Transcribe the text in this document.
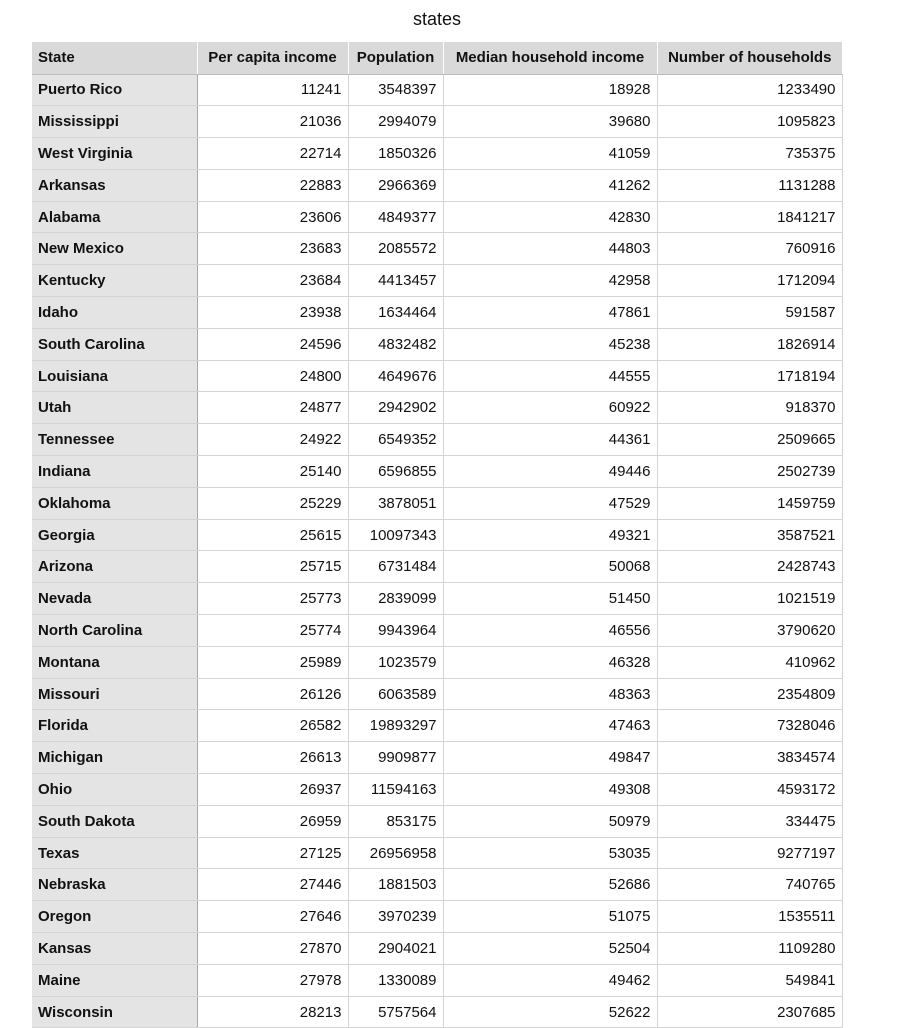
states
State	Per capita income	Population	Median household income	Number of households
Puerto Rico	11241	3548397	18928	1233490
Mississippi	21036	2994079	39680	1095823
West Virginia	22714	1850326	41059	735375
Arkansas	22883	2966369	41262	1131288
Alabama	23606	4849377	42830	1841217
New Mexico	23683	2085572	44803	760916
Kentucky	23684	4413457	42958	1712094
Idaho	23938	1634464	47861	591587
South Carolina	24596	4832482	45238	1826914
Louisiana	24800	4649676	44555	1718194
Utah	24877	2942902	60922	918370
Tennessee	24922	6549352	44361	2509665
Indiana	25140	6596855	49446	2502739
Oklahoma	25229	3878051	47529	1459759
Georgia	25615	10097343	49321	3587521
Arizona	25715	6731484	50068	2428743
Nevada	25773	2839099	51450	1021519
North Carolina	25774	9943964	46556	3790620
Montana	25989	1023579	46328	410962
Missouri	26126	6063589	48363	2354809
Florida	26582	19893297	47463	7328046
Michigan	26613	9909877	49847	3834574
Ohio	26937	11594163	49308	4593172
South Dakota	26959	853175	50979	334475
Texas	27125	26956958	53035	9277197
Nebraska	27446	1881503	52686	740765
Oregon	27646	3970239	51075	1535511
Kansas	27870	2904021	52504	1109280
Maine	27978	1330089	49462	549841
Wisconsin	28213	5757564	52622	2307685
